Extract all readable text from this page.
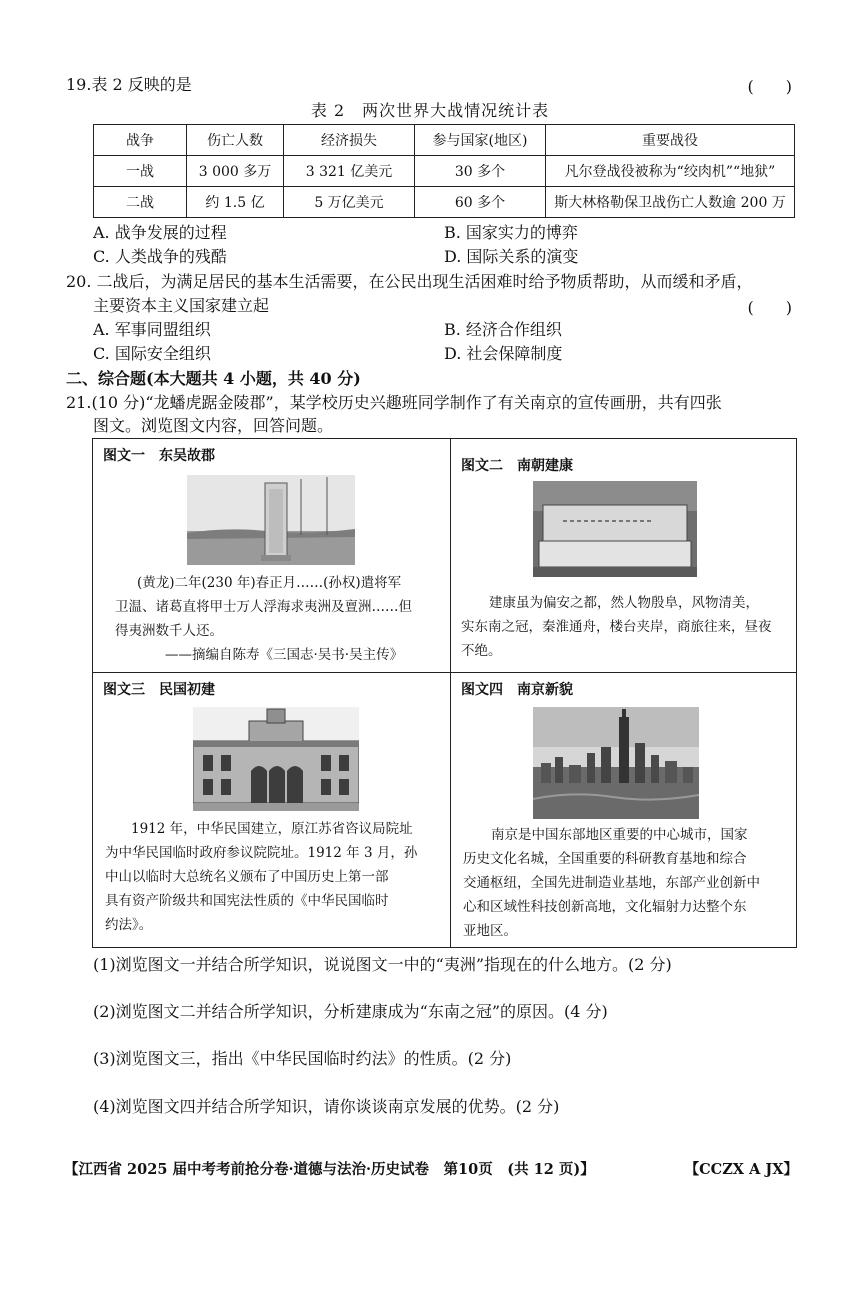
19.表 2 反映的是	(　　)
表 2　两次世界大战情况统计表
战争	伤亡人数	经济损失	参与国家(地区)	重要战役
一战	3 000 多万	3 321 亿美元	30 多个	凡尔登战役被称为“绞肉机”“地狱”
二战	约 1.5 亿	5 万亿美元	60 多个	斯大林格勒保卫战伤亡人数逾 200 万
A. 战争发展的过程	B. 国家实力的博弈
C. 人类战争的残酷	D. 国际关系的演变
20. 二战后，为满足居民的基本生活需要，在公民出现生活困难时给予物质帮助，从而缓和矛盾，
主要资本主义国家建立起	(　　)
A. 军事同盟组织	B. 经济合作组织
C. 国际安全组织	D. 社会保障制度
二、综合题(本大题共 4 小题，共 40 分)
21.(10 分)“龙蟠虎踞金陵郡”，某学校历史兴趣班同学制作了有关南京的宣传画册，共有四张
图文。浏览图文内容，回答问题。
图文一　东吴故郡

(黄龙)二年(230 年)春正月……(孙权)遣将军

卫温、诸葛直将甲士万人浮海求夷洲及亶洲……但

得夷洲数千人还。

——摘编自陈寿《三国志·吴书·吴主传》

图文二　南朝建康

建康虽为偏安之都，然人物殷阜，风物清美，

实东南之冠，秦淮通舟，楼台夹岸，商旅往来，昼夜

不绝。

图文三　民国初建

1912 年，中华民国建立，原江苏省咨议局院址

为中华民国临时政府参议院院址。1912 年 3 月，孙

中山以临时大总统名义颁布了中国历史上第一部

具有资产阶级共和国宪法性质的《中华民国临时

约法》。

图文四　南京新貌

南京是中国东部地区重要的中心城市，国家

历史文化名城，全国重要的科研教育基地和综合

交通枢纽，全国先进制造业基地，东部产业创新中

心和区域性科技创新高地，文化辐射力达整个东

亚地区。

(1)浏览图文一并结合所学知识，说说图文一中的“夷洲”指现在的什么地方。(2 分)
(2)浏览图文二并结合所学知识，分析建康成为“东南之冠”的原因。(4 分)
(3)浏览图文三，指出《中华民国临时约法》的性质。(2 分)
(4)浏览图文四并结合所学知识，请你谈谈南京发展的优势。(2 分)
【江西省 2025 届中考考前抢分卷·道德与法治·历史试卷　第10页　(共 12 页)】	【CCZX A JX】
